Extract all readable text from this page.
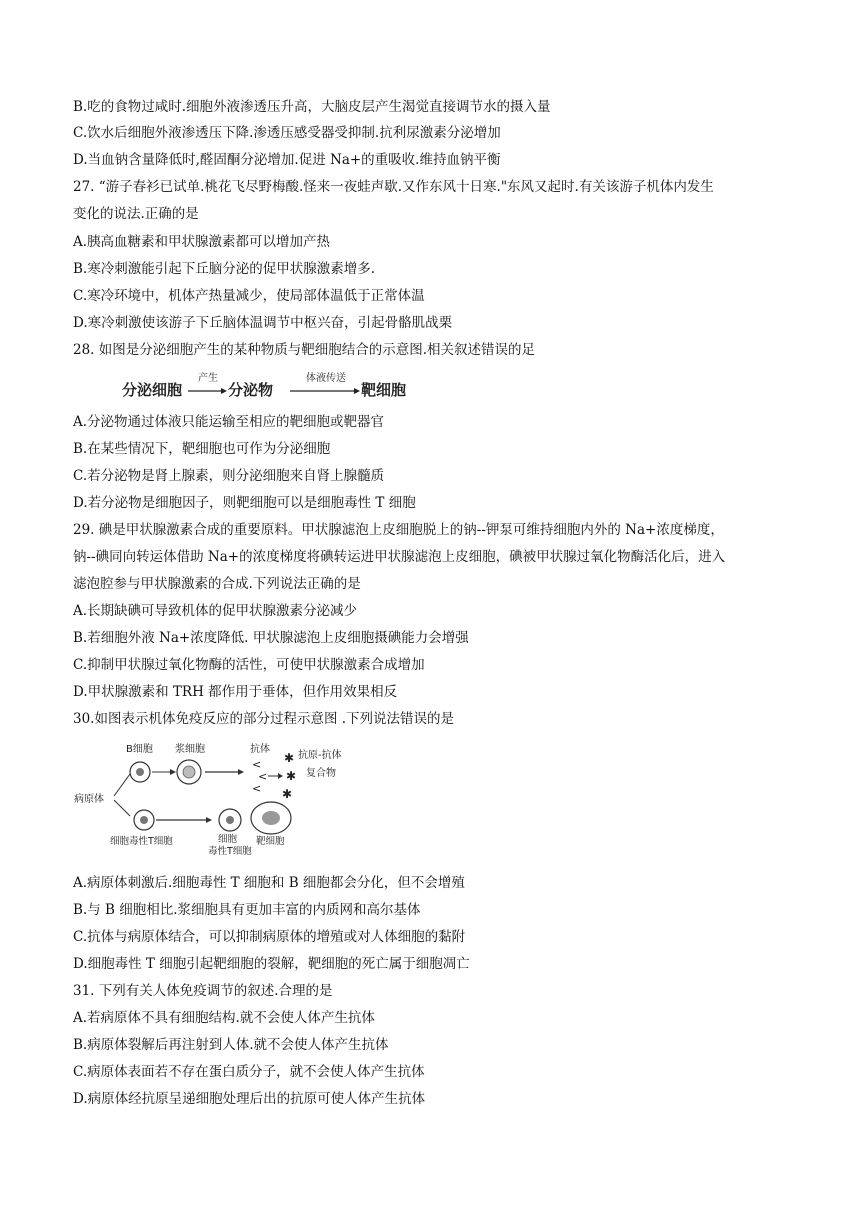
B.吃的食物过咸时.细胞外液渗透压升高，大脑皮层产生渴觉直接调节水的摄入量
C.饮水后细胞外液渗透压下降.渗透压感受器受抑制.抗利尿激素分泌增加
D.当血钠含量降低时,醛固酮分泌增加.促进 Na+的重吸收.维持血钠平衡
27. “游子春衫已试单.桃花飞尽野梅酸.怪来一夜蛙声歇.又作东风十日寒."东风又起时.有关该游子机体内发生
变化的说法.正确的是
A.胰高血糖素和甲状腺激素都可以增加产热
B.寒冷刺激能引起下丘脑分泌的促甲状腺激素增多.
C.寒冷环境中，机体产热量减少，使局部体温低于正常体温
D.寒冷刺激使该游子下丘脑体温调节中枢兴奋，引起骨骼肌战栗
28. 如图是分泌细胞产生的某种物质与靶细胞结合的示意图.相关叙述错误的足
分泌细胞
产生
分泌物
体液传送
靶细胞
A.分泌物通过体液只能运输至相应的靶细胞或靶器官
B.在某些情况下，靶细胞也可作为分泌细胞
C.若分泌物是肾上腺素，则分泌细胞来自肾上腺髓质
D.若分泌物是细胞因子，则靶细胞可以是细胞毒性 T 细胞
29. 碘是甲状腺激素合成的重要原料。甲状腺滤泡上皮细胞脱上的钠--钾泵可维持细胞内外的 Na+浓度梯度，
钠--碘同向转运体借助 Na+的浓度梯度将碘转运进甲状腺滤泡上皮细胞，碘被甲状腺过氧化物酶活化后，进入
滤泡腔参与甲状腺激素的合成.下列说法正确的是
A.长期缺碘可导致机体的促甲状腺激素分泌减少
B.若细胞外液 Na+浓度降低. 甲状腺滤泡上皮细胞摄碘能力会增强
C.抑制甲状腺过氧化物酶的活性，可使甲状腺激素合成增加
D.甲状腺激素和 TRH 都作用于垂体，但作用效果相反
30.如图表示机体免疫反应的部分过程示意图 .下列说法错误的是
B细胞 浆细胞	抗体
抗原-抗体
复合物
病原体
<
<
<
✱
✱
✱
细胞毒性T细胞	细胞
毒性T细胞
靶细胞
A.病原体刺激后.细胞毒性 T 细胞和 B 细胞都会分化，但不会增殖
B.与 B 细胞相比.浆细胞具有更加丰富的内质网和高尔基体
C.抗体与病原体结合，可以抑制病原体的增殖或对人体细胞的黏附
D.细胞毒性 T 细胞引起靶细胞的裂解，靶细胞的死亡属于细胞凋亡
31. 下列有关人体免疫调节的叙述.合理的是
A.若病原体不具有细胞结构.就不会使人体产生抗体
B.病原体裂解后再注射到人体.就不会使人体产生抗体
C.病原体表面若不存在蛋白质分子，就不会使人体产生抗体
D.病原体经抗原呈递细胞处理后出的抗原可使人体产生抗体
